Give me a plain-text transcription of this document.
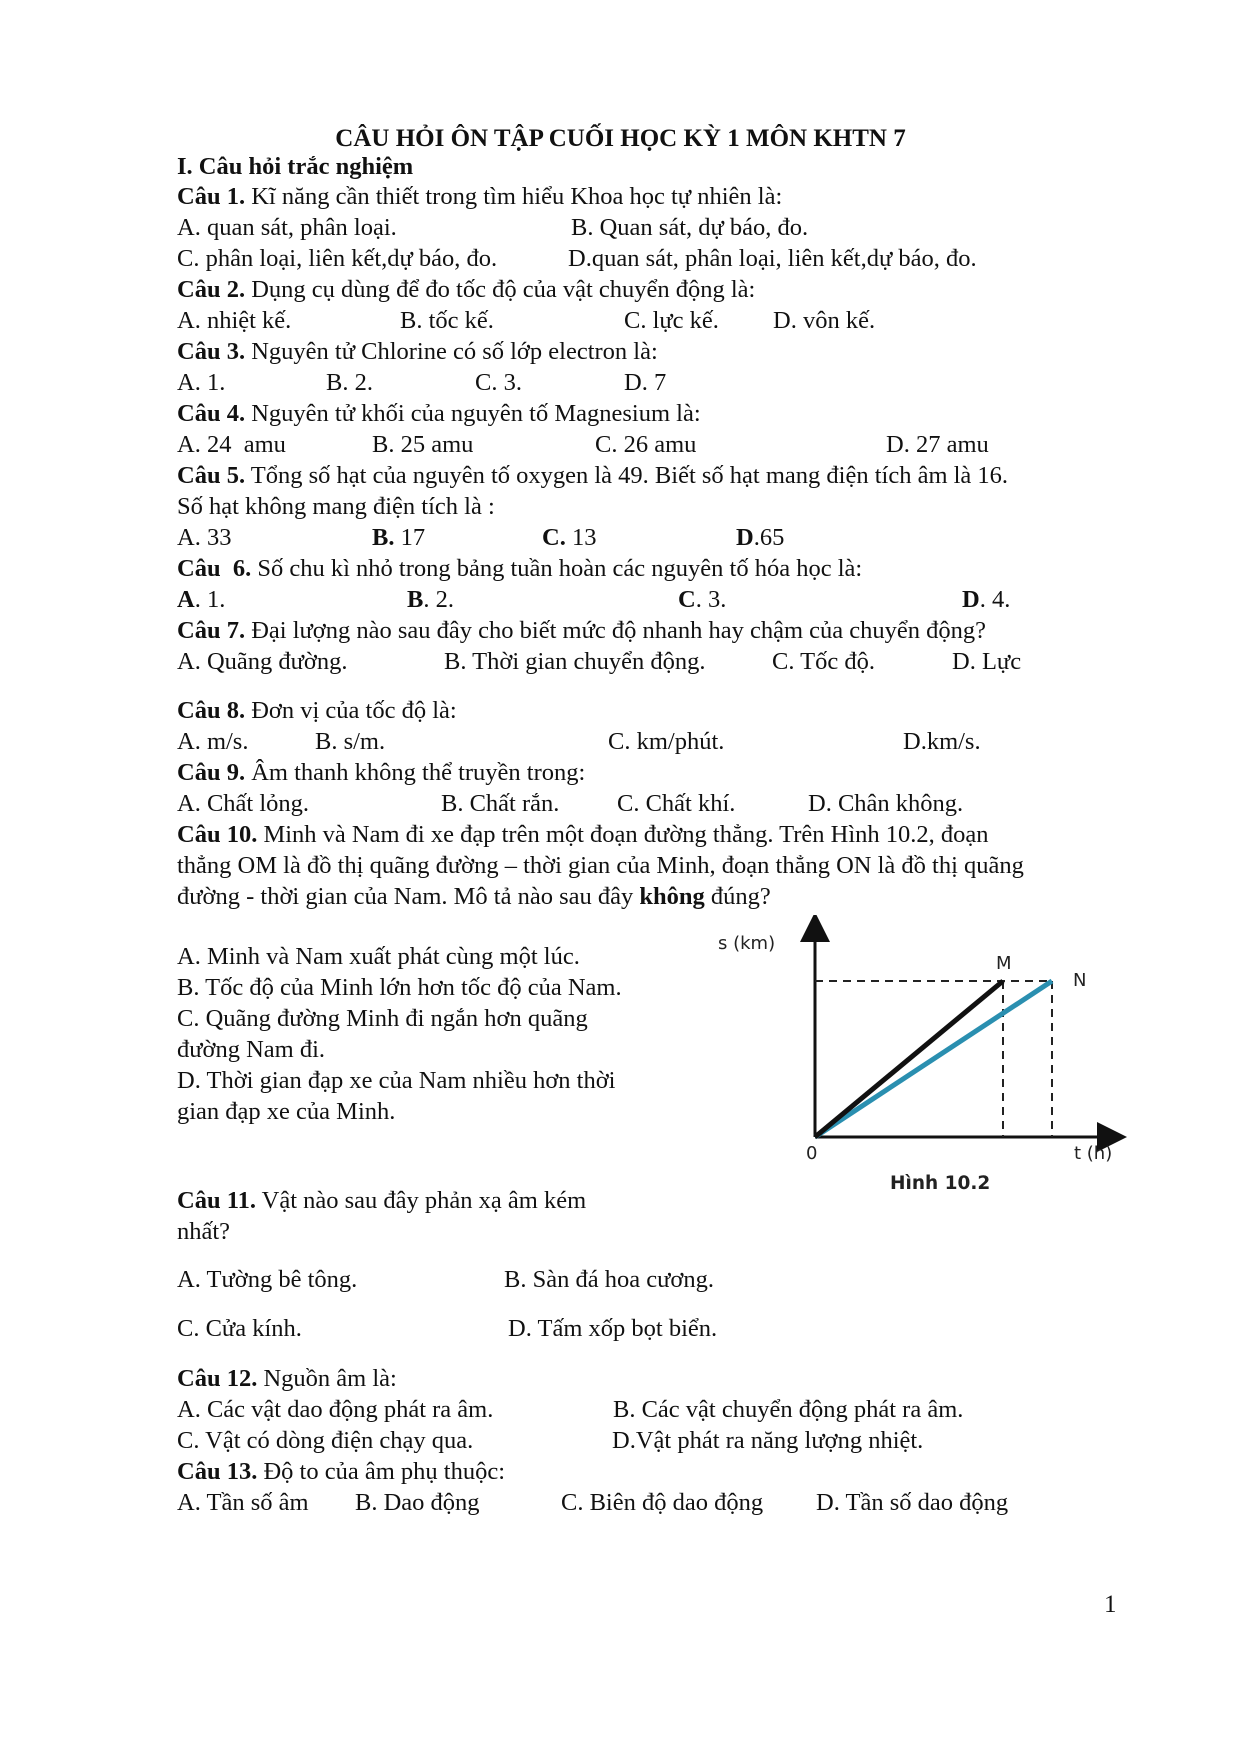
CÂU HỎI ÔN TẬP CUỐI HỌC KỲ 1 MÔN KHTN 7
I. Câu hỏi trắc nghiệm
Câu 1. Kĩ năng cần thiết trong tìm hiểu Khoa học tự nhiên là:
A. quan sát, phân loại.	B. Quan sát, dự báo, đo.
C. phân loại, liên kết,dự báo, đo.	D.quan sát, phân loại, liên kết,dự báo, đo.
Câu 2. Dụng cụ dùng để đo tốc độ của vật chuyển động là:
A. nhiệt kế.	B. tốc kế.	C. lực kế. D. vôn kế.
Câu 3. Nguyên tử Chlorine có số lớp electron là:
A. 1.	B. 2.	C. 3.	D. 7
Câu 4. Nguyên tử khối của nguyên tố Magnesium là:
A. 24  amu	B. 25 amu	C. 26 amu	D. 27 amu
Câu 5. Tổng số hạt của nguyên tố oxygen là 49. Biết số hạt mang điện tích âm là 16.
Số hạt không mang điện tích là :
A. 33	B. 17	C. 13	D.65
Câu  6. Số chu kì nhỏ trong bảng tuần hoàn các nguyên tố hóa học là:
A. 1.	B. 2.	C. 3.	D. 4.
Câu 7. Đại lượng nào sau đây cho biết mức độ nhanh hay chậm của chuyển động?
A. Quãng đường.	B. Thời gian chuyển động.	C. Tốc độ.	D. Lực
Câu 8. Đơn vị của tốc độ là:
A. m/s.	B. s/m.	C. km/phút.	D.km/s.
Câu 9. Âm thanh không thể truyền trong:
A. Chất lỏng.	B. Chất rắn. C. Chất khí.	D. Chân không.
Câu 10. Minh và Nam đi xe đạp trên một đoạn đường thẳng. Trên Hình 10.2, đoạn
thẳng OM là đồ thị quãng đường – thời gian của Minh, đoạn thẳng ON là đồ thị quãng
đường - thời gian của Nam. Mô tả nào sau đây không đúng?
A. Minh và Nam xuất phát cùng một lúc.
B. Tốc độ của Minh lớn hơn tốc độ của Nam.
C. Quãng đường Minh đi ngắn hơn quãng
đường Nam đi.
D. Thời gian đạp xe của Nam nhiều hơn thời
gian đạp xe của Minh.
s (km)
t (h)
0
M
N
Hình 10.2
Câu 11. Vật nào sau đây phản xạ âm kém
nhất?
A. Tường bê tông.	B. Sàn đá hoa cương.
C. Cửa kính.	D. Tấm xốp bọt biển.
Câu 12. Nguồn âm là:
A. Các vật dao động phát ra âm.	B. Các vật chuyển động phát ra âm.
C. Vật có dòng điện chạy qua.	D.Vật phát ra năng lượng nhiệt.
Câu 13. Độ to của âm phụ thuộc:
A. Tần số âm B. Dao động	C. Biên độ dao động D. Tần số dao động
1
